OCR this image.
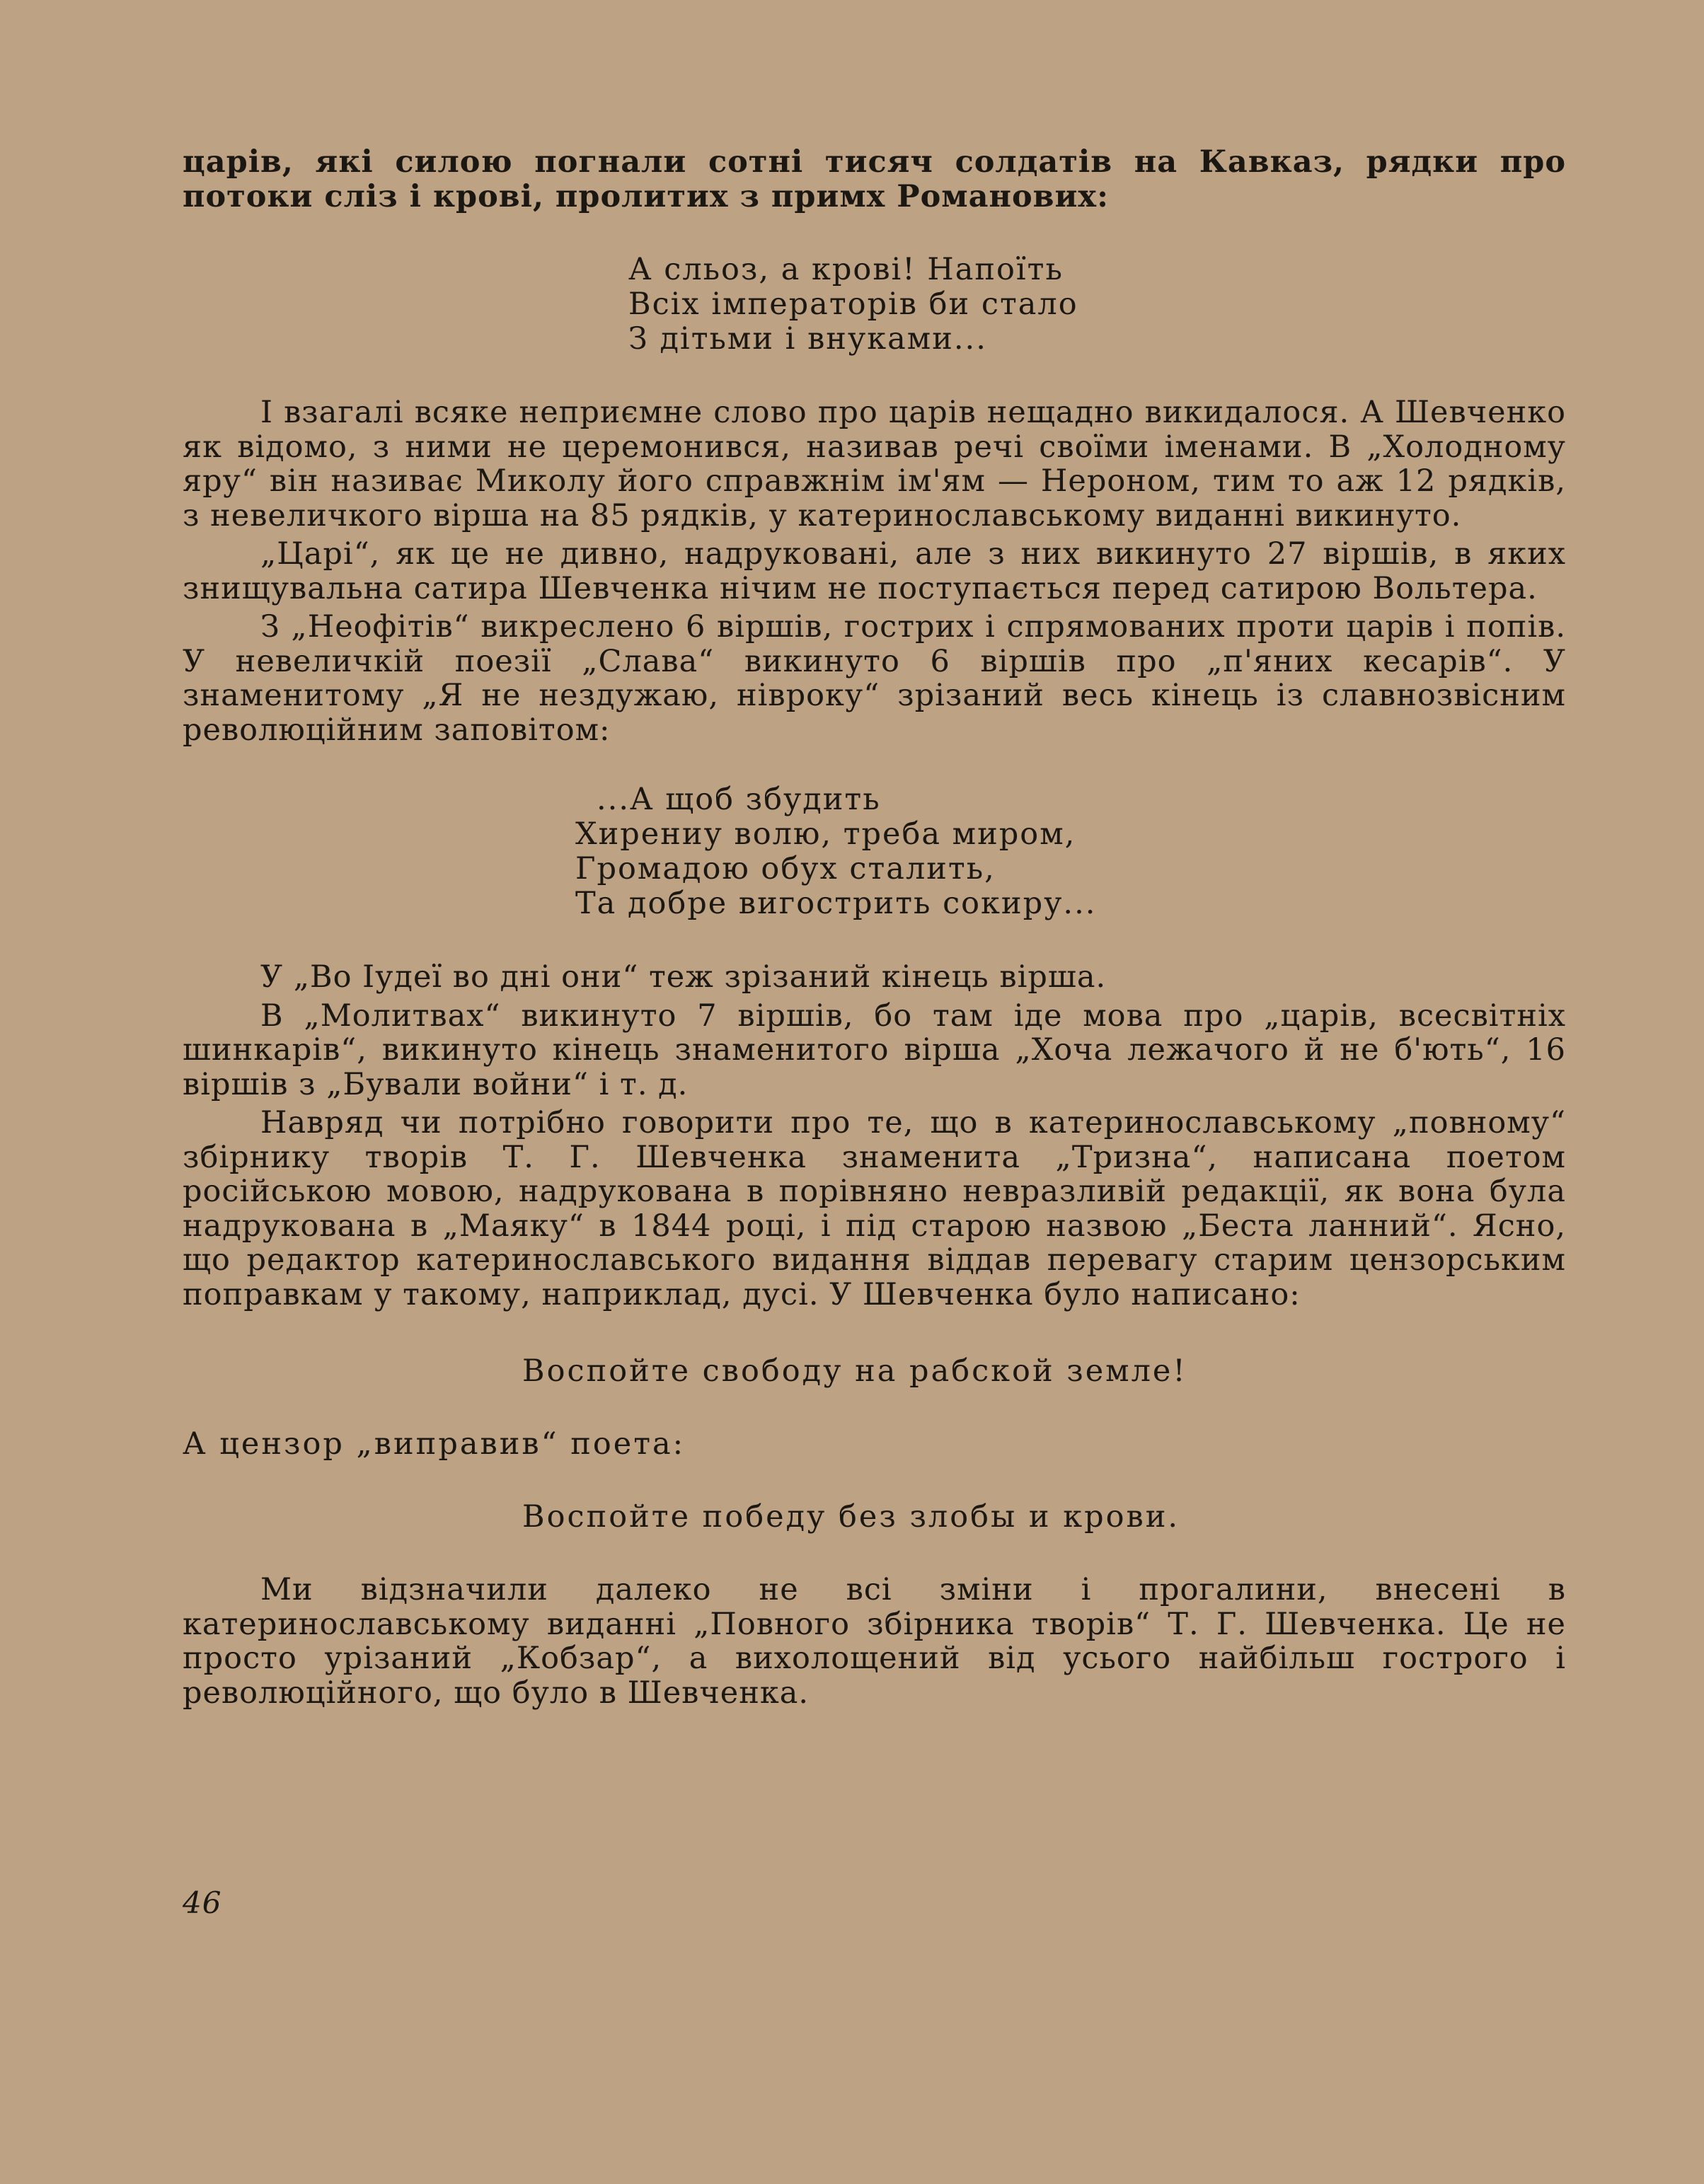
царів, які силою погнали сотні тисяч солдатів на Кавказ, рядки про потоки сліз і крові, пролитих з примх Романових:

А сльоз, а крові! Напоїть
Всіх імператорів би стало
З дітьми і внуками...

І взагалі всяке неприємне слово про царів нещадно викидалося. А Шевченко як відомо, з ними не церемонився, називав речі своїми іменами. В „Холодному яру“ він називає Миколу його справжнім ім'ям — Нероном, тим то аж 12 рядків, з невеличкого вірша на 85 рядків, у катеринославському виданні викинуто.

„Царі“, як це не дивно, надруковані, але з них викинуто 27 віршів, в яких знищувальна сатира Шевченка нічим не поступається перед сатирою Вольтера.

З „Неофітів“ викреслено 6 віршів, гострих і спрямованих проти царів і попів. У невеличкій поезії „Слава“ викинуто 6 віршів про „п'яних кесарів“. У знаменитому „Я не нездужаю, нівроку“ зрізаний весь кінець із славнозвісним революційним заповітом:

...А щоб збудить
Хирениу волю, треба миром,
Громадою обух сталить,
Та добре вигострить сокиру...

У „Во Іудеї во дні они“ теж зрізаний кінець вірша.

В „Молитвах“ викинуто 7 віршів, бо там іде мова про „царів, всесвітніх шинкарів“, викинуто кінець знаменитого вірша „Хоча лежачого й не б'ють“, 16 віршів з „Бували войни“ і т. д.

Навряд чи потрібно говорити про те, що в катеринославському „повному“ збірнику творів Т. Г. Шевченка знаменита „Тризна“, написана поетом російською мовою, надрукована в порівняно невразливій редакції, як вона була надрукована в „Маяку“ в 1844 році, і під старою назвою „Беста ланний“. Ясно, що редактор катеринославського видання віддав перевагу старим цензорським поправкам у такому, наприклад, дусі. У Шевченка було написано:

Воспойте свободу на рабской земле!

А цензор „виправив“ поета:

Воспойте победу без злобы и крови.

Ми відзначили далеко не всі зміни і прогалини, внесені в катеринославському виданні „Повного збірника творів“ Т. Г. Шевченка. Це не просто урізаний „Кобзар“, а вихолощений від усього найбільш гострого і революційного, що було в Шевченка.

46
